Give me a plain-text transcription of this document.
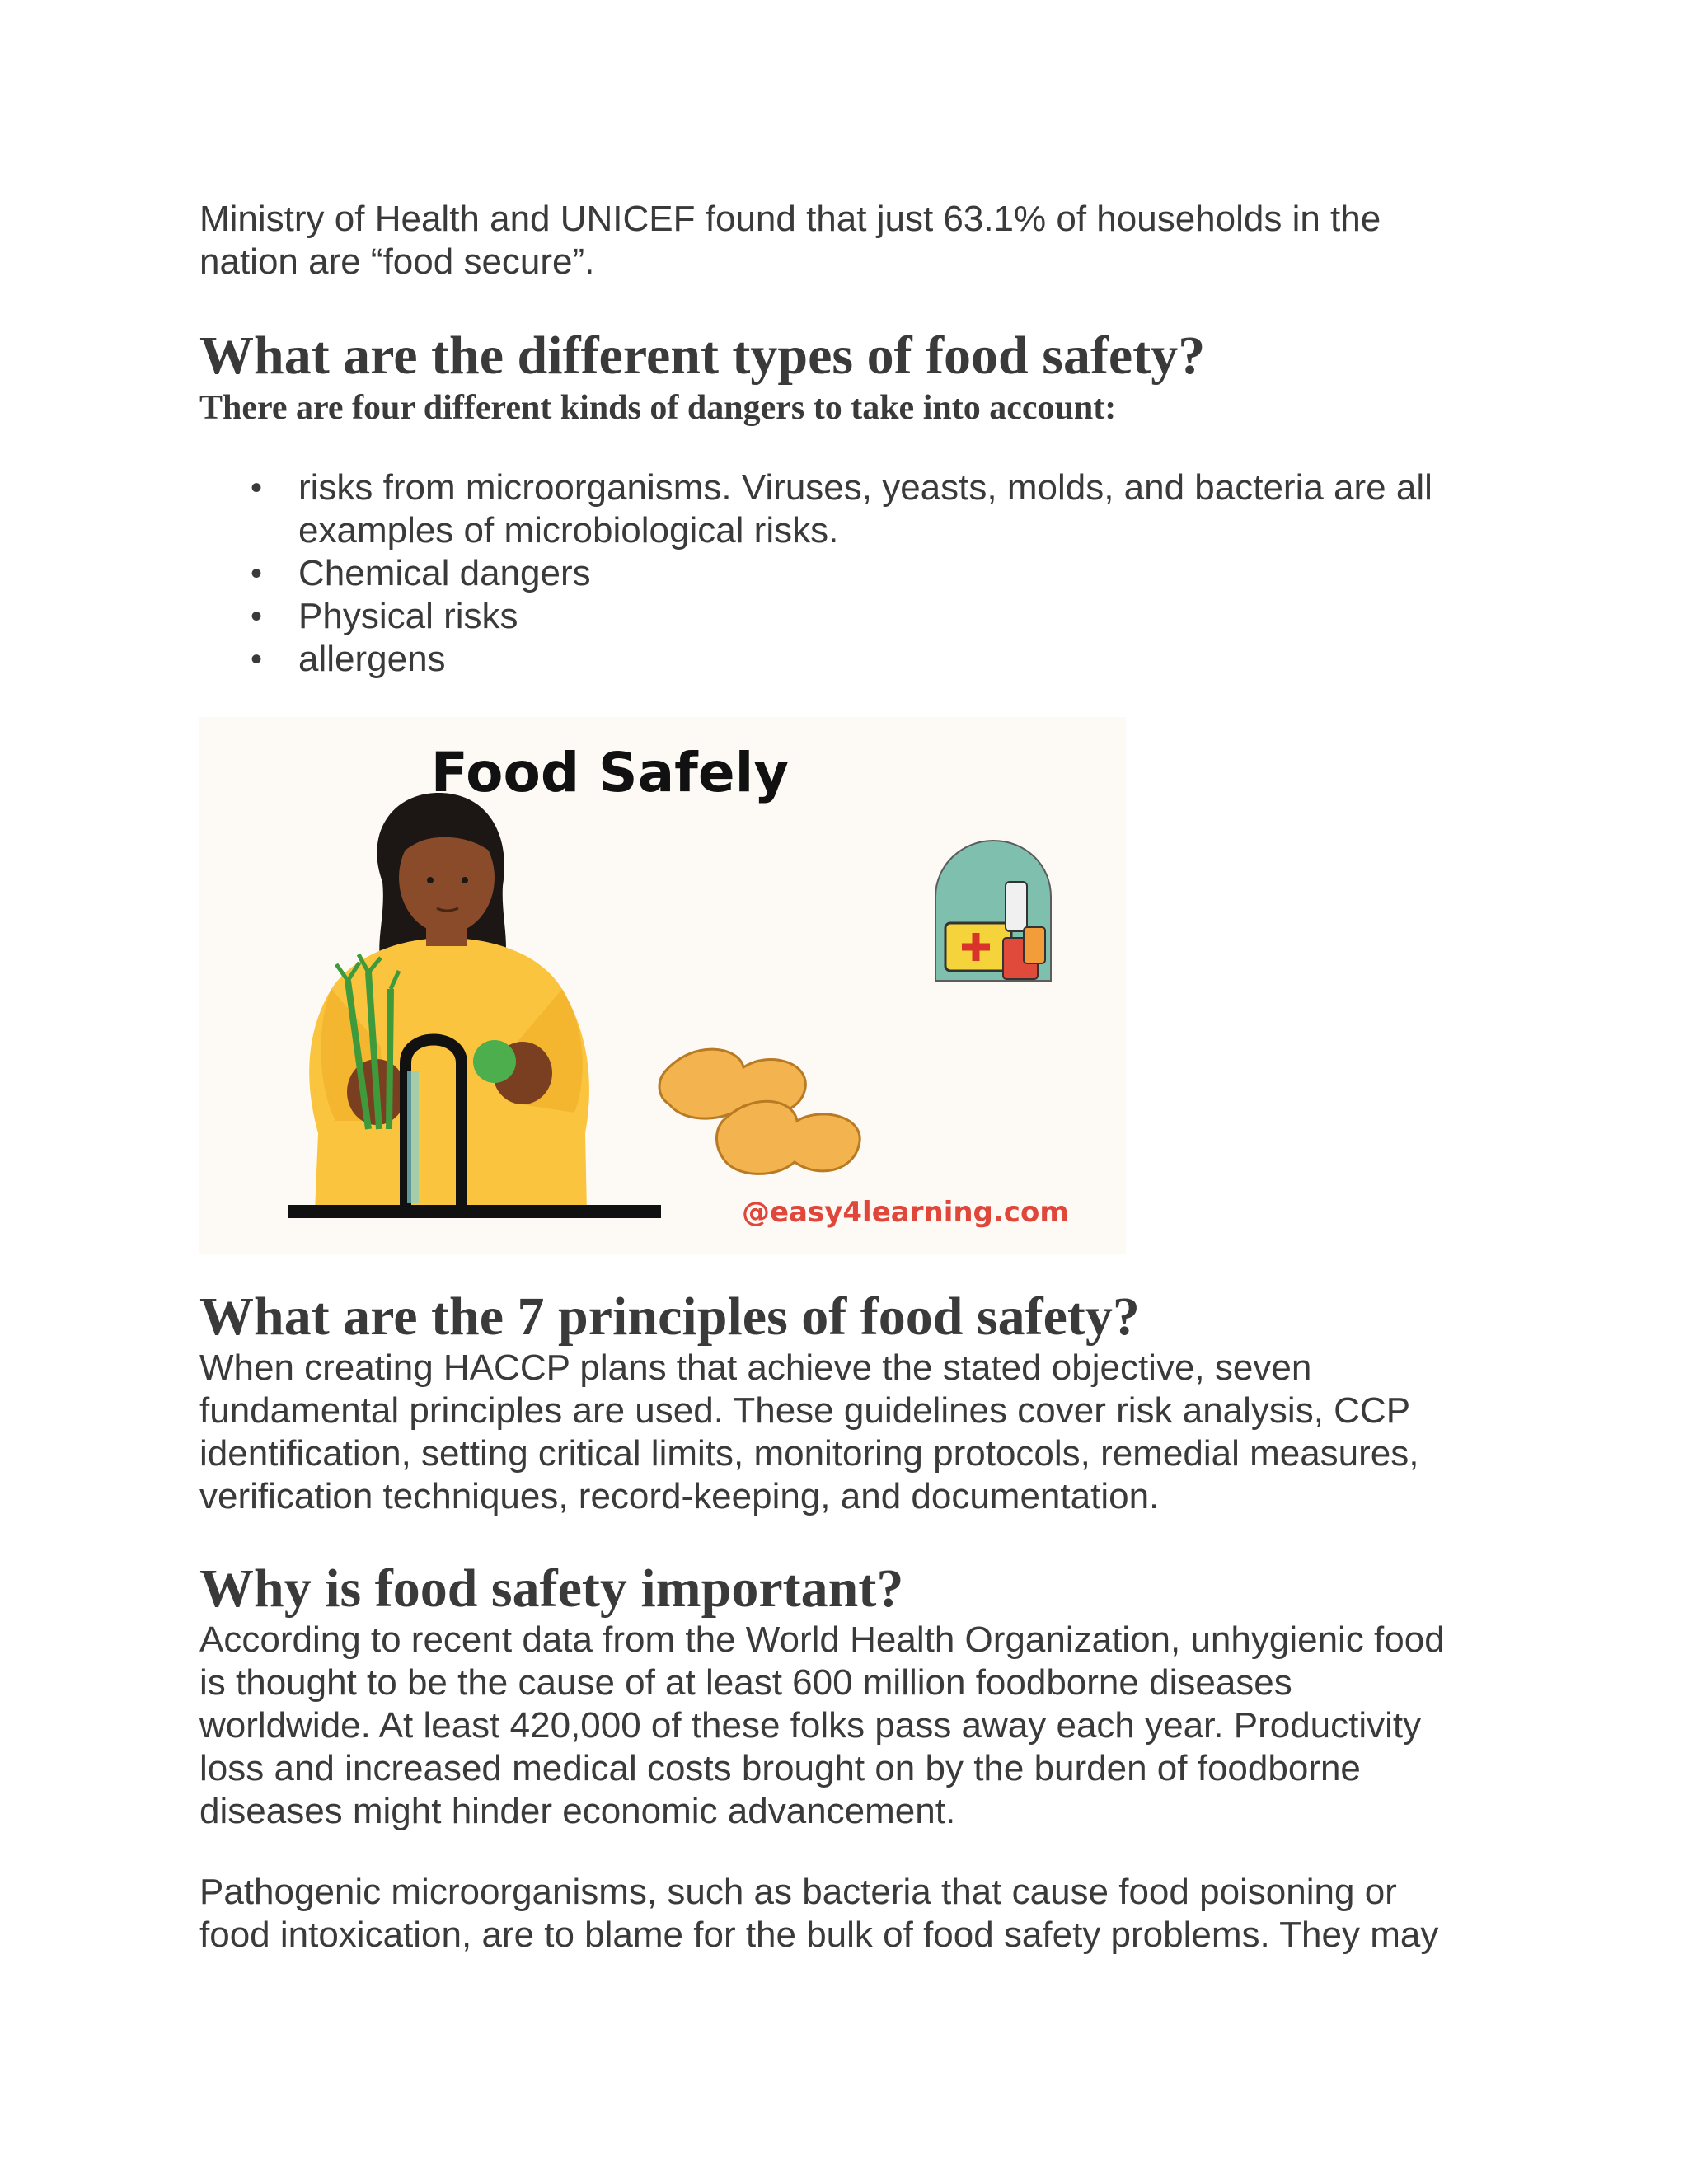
Ministry of Health and UNICEF found that just 63.1% of households in the
nation are “food secure”.
What are the different types of food safety?
There are four different kinds of dangers to take into account:
• risks from microorganisms. Viruses, yeasts, molds, and bacteria are all
examples of microbiological risks.
• Chemical dangers
• Physical risks
• allergens
Food Safely
@easy4learning.com
What are the 7 principles of food safety?
When creating HACCP plans that achieve the stated objective, seven
fundamental principles are used. These guidelines cover risk analysis, CCP
identification, setting critical limits, monitoring protocols, remedial measures,
verification techniques, record-keeping, and documentation.
Why is food safety important?
According to recent data from the World Health Organization, unhygienic food
is thought to be the cause of at least 600 million foodborne diseases
worldwide. At least 420,000 of these folks pass away each year. Productivity
loss and increased medical costs brought on by the burden of foodborne
diseases might hinder economic advancement.
Pathogenic microorganisms, such as bacteria that cause food poisoning or
food intoxication, are to blame for the bulk of food safety problems. They may
